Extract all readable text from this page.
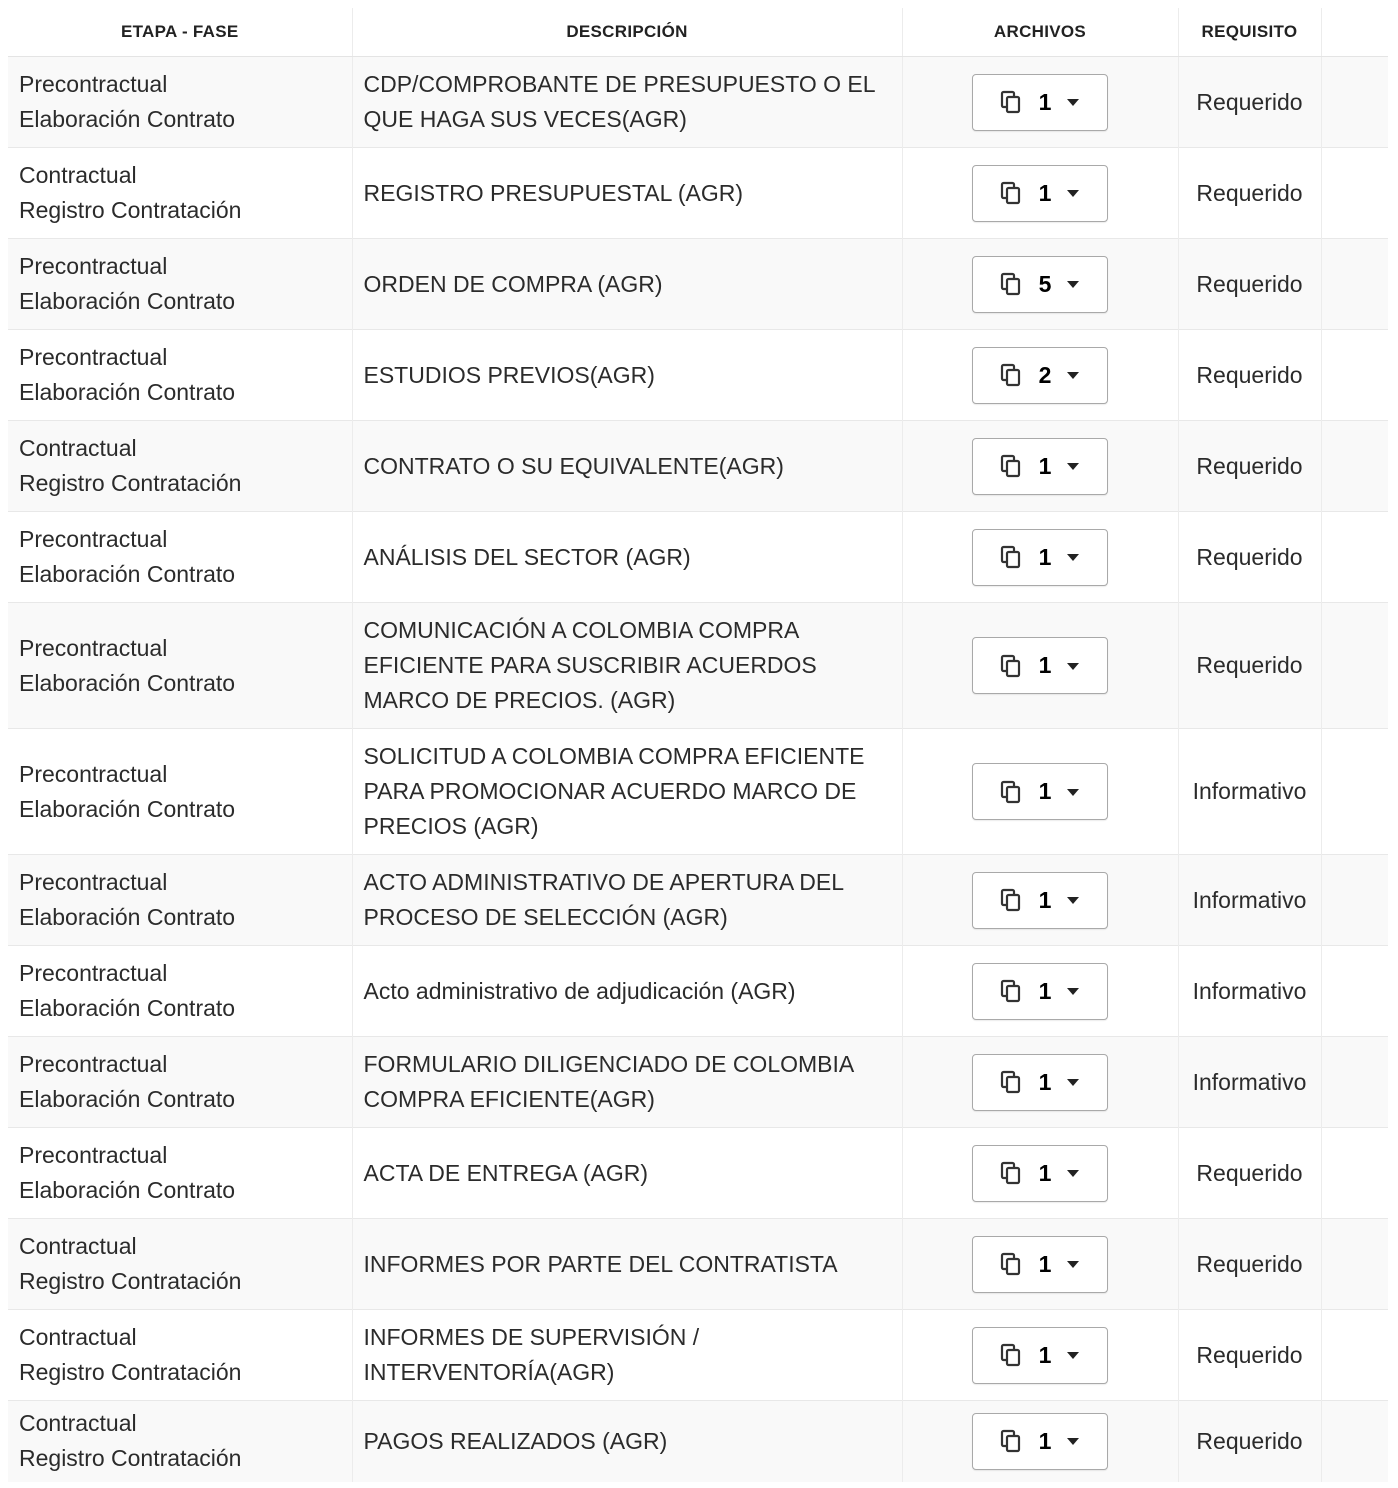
ETAPA - FASE	DESCRIPCIÓN	ARCHIVOS	REQUISITO	

Precontractual
Elaboración Contrato	CDP/COMPROBANTE DE PRESUPUESTO O EL QUE HAGA SUS VECES(AGR)	1	Requerido	

Contractual
Registro Contratación	REGISTRO PRESUPUESTAL (AGR)	1	Requerido	

Precontractual
Elaboración Contrato	ORDEN DE COMPRA (AGR)	5	Requerido	

Precontractual
Elaboración Contrato	ESTUDIOS PREVIOS(AGR)	2	Requerido	

Contractual
Registro Contratación	CONTRATO O SU EQUIVALENTE(AGR)	1	Requerido	

Precontractual
Elaboración Contrato	ANÁLISIS DEL SECTOR (AGR)	1	Requerido	

Precontractual
Elaboración Contrato	COMUNICACIÓN A COLOMBIA COMPRA EFICIENTE PARA SUSCRIBIR ACUERDOS MARCO DE PRECIOS. (AGR)	1	Requerido	

Precontractual
Elaboración Contrato	SOLICITUD A COLOMBIA COMPRA EFICIENTE PARA PROMOCIONAR ACUERDO MARCO DE PRECIOS (AGR)	1	Informativo	

Precontractual
Elaboración Contrato	ACTO ADMINISTRATIVO DE APERTURA DEL PROCESO DE SELECCIÓN (AGR)	1	Informativo	

Precontractual
Elaboración Contrato	Acto administrativo de adjudicación (AGR)	1	Informativo	

Precontractual
Elaboración Contrato	FORMULARIO DILIGENCIADO DE COLOMBIA COMPRA EFICIENTE(AGR)	1	Informativo	

Precontractual
Elaboración Contrato	ACTA DE ENTREGA (AGR)	1	Requerido	

Contractual
Registro Contratación	INFORMES POR PARTE DEL CONTRATISTA	1	Requerido	

Contractual
Registro Contratación	INFORMES DE SUPERVISIÓN / INTERVENTORÍA(AGR)	1	Requerido	

Contractual
Registro Contratación	PAGOS REALIZADOS (AGR)	1	Requerido	
